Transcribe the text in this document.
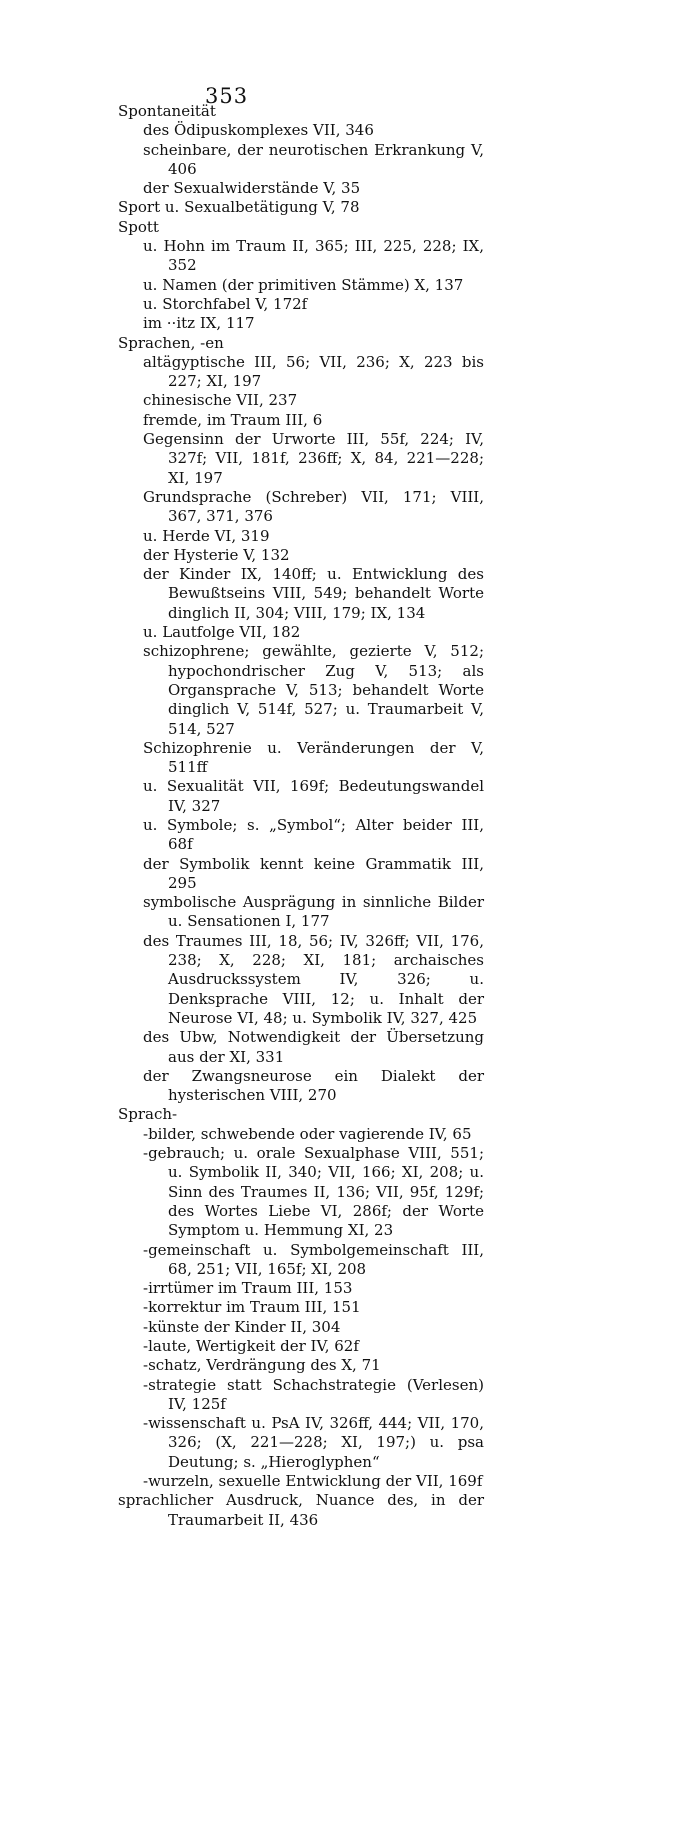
353

Spontaneität

des Ödipuskomplexes VII, 346

scheinbare, der neurotischen Erkrankung V, 406

der Sexualwiderstände V, 35

Sport u. Sexualbetätigung V, 78

Spott

u. Hohn im Traum II, 365; III, 225, 228; IX, 352

u. Namen (der primitiven Stämme) X, 137

u. Storchfabel V, 172f

im ··itz IX, 117

Sprachen, -en

altägyptische III, 56; VII, 236; X, 223 bis 227; XI, 197

chinesische VII, 237

fremde, im Traum III, 6

Gegensinn der Urworte III, 55f, 224; IV, 327f; VII, 181f, 236ff; X, 84, 221—228; XI, 197

Grundsprache (Schreber) VII, 171; VIII, 367, 371, 376

u. Herde VI, 319

der Hysterie V, 132

der Kinder IX, 140ff; u. Entwicklung des Bewußtseins VIII, 549; behandelt Worte dinglich II, 304; VIII, 179; IX, 134

u. Lautfolge VII, 182

schizophrene; gewählte, gezierte V, 512; hypochondrischer Zug V, 513; als Organsprache V, 513; behandelt Worte dinglich V, 514f, 527; u. Traumarbeit V, 514, 527

Schizophrenie u. Veränderungen der V, 511ff

u. Sexualität VII, 169f; Bedeutungswandel IV, 327

u. Symbole; s. „Symbol“; Alter beider III, 68f

der Symbolik kennt keine Grammatik III, 295

symbolische Ausprägung in sinnliche Bilder u. Sensationen I, 177

des Traumes III, 18, 56; IV, 326ff; VII, 176, 238; X, 228; XI, 181; archaisches Ausdruckssystem IV, 326; u. Denksprache VIII, 12; u. Inhalt der Neurose VI, 48; u. Symbolik IV, 327, 425

des Ubw, Notwendigkeit der Übersetzung aus der XI, 331

der Zwangsneurose ein Dialekt der hysterischen VIII, 270

Sprach-

-bilder, schwebende oder vagierende IV, 65

-gebrauch; u. orale Sexualphase VIII, 551; u. Symbolik II, 340; VII, 166; XI, 208; u. Sinn des Traumes II, 136; VII, 95f, 129f; des Wortes Liebe VI, 286f; der Worte Symptom u. Hemmung XI, 23

-gemeinschaft u. Symbolgemeinschaft III, 68, 251; VII, 165f; XI, 208

-irrtümer im Traum III, 153

-korrektur im Traum III, 151

-künste der Kinder II, 304

-laute, Wertigkeit der IV, 62f

-schatz, Verdrängung des X, 71

-strategie statt Schachstrategie (Verlesen) IV, 125f

-wissenschaft u. PsA IV, 326ff, 444; VII, 170, 326; (X, 221—228; XI, 197;) u. psa Deutung; s. „Hieroglyphen“

-wurzeln, sexuelle Entwicklung der VII, 169f

sprachlicher Ausdruck, Nuance des, in der Traumarbeit II, 436
